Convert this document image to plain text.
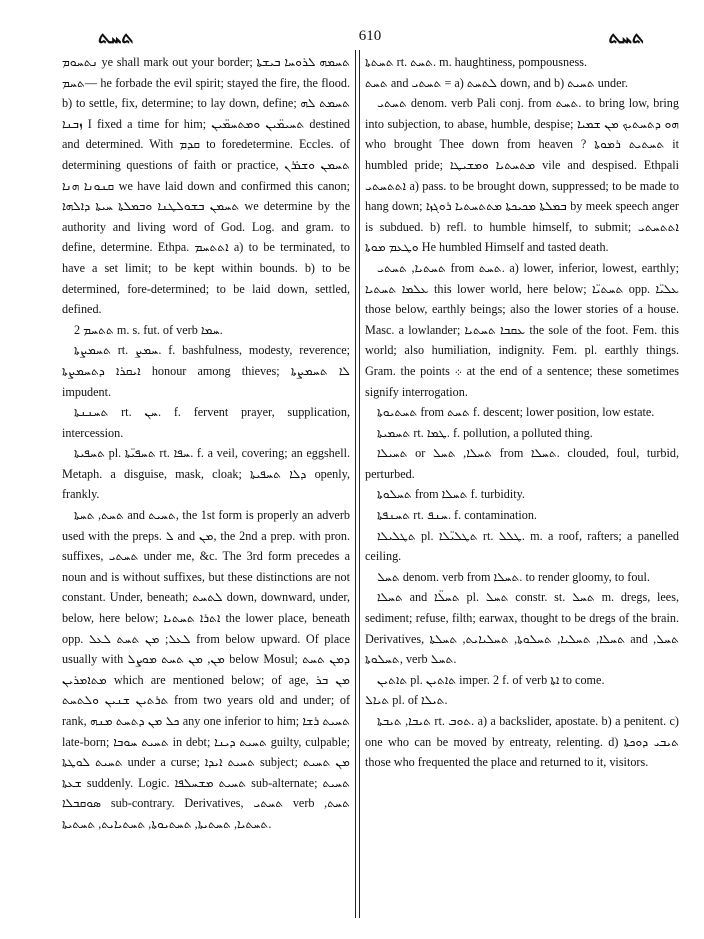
ܬܚܬ	610	ܬܚܬ

ܢܬܚܘܡ ye shall mark out your border; ܬܚܡܗ ܠܪܘܚܐ ܒܝܫܬܐ—ܬܚܡ he forbade the evil spirit; stayed the fire, the flood. b) to settle, fix, determine; to lay down, define; ܬܚܡܬ ܠܗ ܙܒܢܐ I fixed a time for him; ܬܚܝܡ̈ܝܢ ܘܡܬܚܡ̈ܝܢ destined and determined. With ܩܕܡ to foredetermine. Eccles. of determining questions of faith or practice, ܬܚܡܢ ܘܫܪܪܢ ܩܢܘܢܐ ܗܢܐ we have laid down and confirmed this canon; ܬܚܡܢ ܒܫܘܠܛܢܐ ܘܒܡܠܬܐ ܚܝܬܐ ܕܐܠܗܐ we determine by the authority and living word of God. Log. and gram. to define, determine. Ethpa. ܐܬܬܚܡ a) to be terminated, to have a set limit; to be kept within bounds. b) to be determined, fore-determined; to be laid down, settled, defined.

ܬܬܚܡ 2 m. s. fut. of verb ܚܡܐ.

ܬܚܡܨܬܐ rt. ܚܡܨ. f. bashfulness, modesty, reverence; ܐܝܩܪܐ ܕܬܚܡܨܬܐ honour among thieves; ܠܐ ܬܚܡܨܬܐ impudent.

ܬܚܢܢܬܐ rt. ܚܢ. f. fervent prayer, supplication, intercession.

ܬܚܦܝܬܐ pl. ܬܚܦܝ̈ܬܐ rt. ܚܦܐ. f. a veil, covering; an eggshell. Metaph. a disguise, mask, cloak; ܕܠܐ ܬܚܦܝܬܐ openly, frankly.

ܬܚܬ, ܬܚܬܐ and ܬܚܝܬ, the 1st form is properly an adverb used with the preps. ܠ and ܡܢ, the 2nd a prep. with pron. suffixes, ܬܚܬܝ under me, &c. The 3rd form precedes a noun and is without suffixes, but these distinctions are not constant. Under, beneath; ܠܬܚܬ down, downward, under, below, here below; ܐܬܪܐ ܬܚܬܝܐ the lower place, beneath opp. ܠܥܠ; ܡܢ ܬܚܬ ܠܥܠ from below upward. Of place usually with ܡܢ, ܡܢ ܬܚܬ ܡܘܨܠ below Mosul; ܕܡܢ ܬܚܬ ܡܬܐܡܪܝܢ which are mentioned below; of age, ܡܢ ܒܪ ܬܪܬܝܢ ܫܢܝܢ ܘܠܬܚܬ from two years old and under; of rank, ܟܠ ܡܢ ܕܬܚܬ ܡܢܗ any one inferior to him; ܬܚܝܬ ܪܫܐ late-born; ܬܚܝܬ ܚܘܒܐ in debt; ܬܚܝܬ ܕܝܢܐ guilty, culpable; ܬܚܝܬ ܠܘܛܬܐ under a curse; ܬܚܝܬ ܐܝܕܐ subject; ܡܢ ܬܚܝܬ ܫܥܬܐ suddenly. Logic. ܬܚܝܬ ܡܫܚܠܦܐ sub-alternate; ܬܚܝܬ ܣܘܩܒܠܐ sub-contrary. Derivatives, ܬܚܬܝ verb ܬܚܬ, ܬܚܬܝܐ, ܬܚܬܝܬܐ, ܬܚܬܝܘܬܐ, ܬܚܬܝܐܝܬ, ܬܚܬܝܬܐ.

ܬܚܬܬܐ rt. ܬܚܬ. m. haughtiness, pompousness.

ܬܚܬ and ܬܚܬܝ = a) ܠܬܚܬ down, and b) ܬܚܝܬ under.

ܬܚܬܝ denom. verb Pali conj. from ܬܚܬ. to bring low, bring into subjection, to abase, humble, despise; ܗܘ ܕܬܚܬܝܟ ܡܢ ܫܡܝܐ who brought Thee down from heaven ? ܬܚܬܝܬ ܪܡܘܬܐ it humbled pride; ܡܬܚܬܝܐ ܘܡܫܝܛܐ vile and despised. Ethpali ܐܬܬܚܬܝ a) pass. to be brought down, suppressed; to be made to hang down; ܒܡܠܬܐ ܡܟܝܟܬܐ ܡܬܬܚܬܝܐ ܪܘܓܙܐ by meek speech anger is subdued. b) refl. to humble himself, to submit; ܐܬܬܚܬܝ ܘܛܥܡ ܡܘܬܐ He humbled Himself and tasted death.

ܬܚܬܝܐ, ܬܚܬܝ from ܬܚܬ. a) lower, inferior, lowest, earthly; ܥܠܡܐ ܬܚܬܝܐ this lower world, here below; ܬܚܬܝ̈ܐ opp. ܥܠܝ̈ܐ those below, earthly beings; also the lower stories of a house. Masc. a lowlander; ܥܩܒܐ ܬܚܬܝܐ the sole of the foot. Fem. this world; also humiliation, indignity. Fem. pl. earthly things. Gram. the points ܀ at the end of a sentence; these sometimes signify interrogation.

ܬܚܬܝܘܬܐ from ܬܚܬ f. descent; lower position, low estate.

ܬܚܡܝܬܐ rt. ܛܡܐ. f. pollution, a polluted thing.

ܬܚܝܠܐ or ܬܚܠܐ, ܬܚܠ from ܬܚܠܐ. clouded, foul, turbid, perturbed.

ܬܚܠܘܬܐ from ܬܚܠܐ f. turbidity.

ܬܚܢܦܬܐ rt. ܚܢܦ. f. contamination.

ܬܛܠܝܠܐ pl. ܬܛܠܝ̈ܠܐ rt. ܛܠܠ. m. a roof, rafters; a panelled ceiling.

ܬܚܠ denom. verb from ܬܚܠܐ. to render gloomy, to foul.

ܬܚܠܐ and ܬܚܠ̈ܐ pl. ܬܚܠ constr. st. ܬܚܠ m. dregs, lees, sediment; refuse, filth; earwax, thought to be dregs of the brain. Derivatives, ܬܚܠܐ, ܬܚܠܝܐ, ܬܚܠܘܬܐ, ܬܚܠܝܐܝܬ, ܬܚܠܬܐ and ܬܚܠ, ܬܚܠܘܬܐ, verb ܬܚܠ.

ܬܐܬܝܢ pl. ܬܐܬܝܢ imper. 2 f. of verb ܐܬܐ to come.

ܬܝܐܠ pl. of ܬܝܠܐ.

ܬܝܒܐ, ܬܝܒܬܐ rt. ܬܘܒ. a) a backslider, apostate. b) a penitent. c) one who can be moved by entreaty, relenting. d) ܬܝܒܝ ܕܘܟܬܐ those who frequented the place and returned to it, visitors.
